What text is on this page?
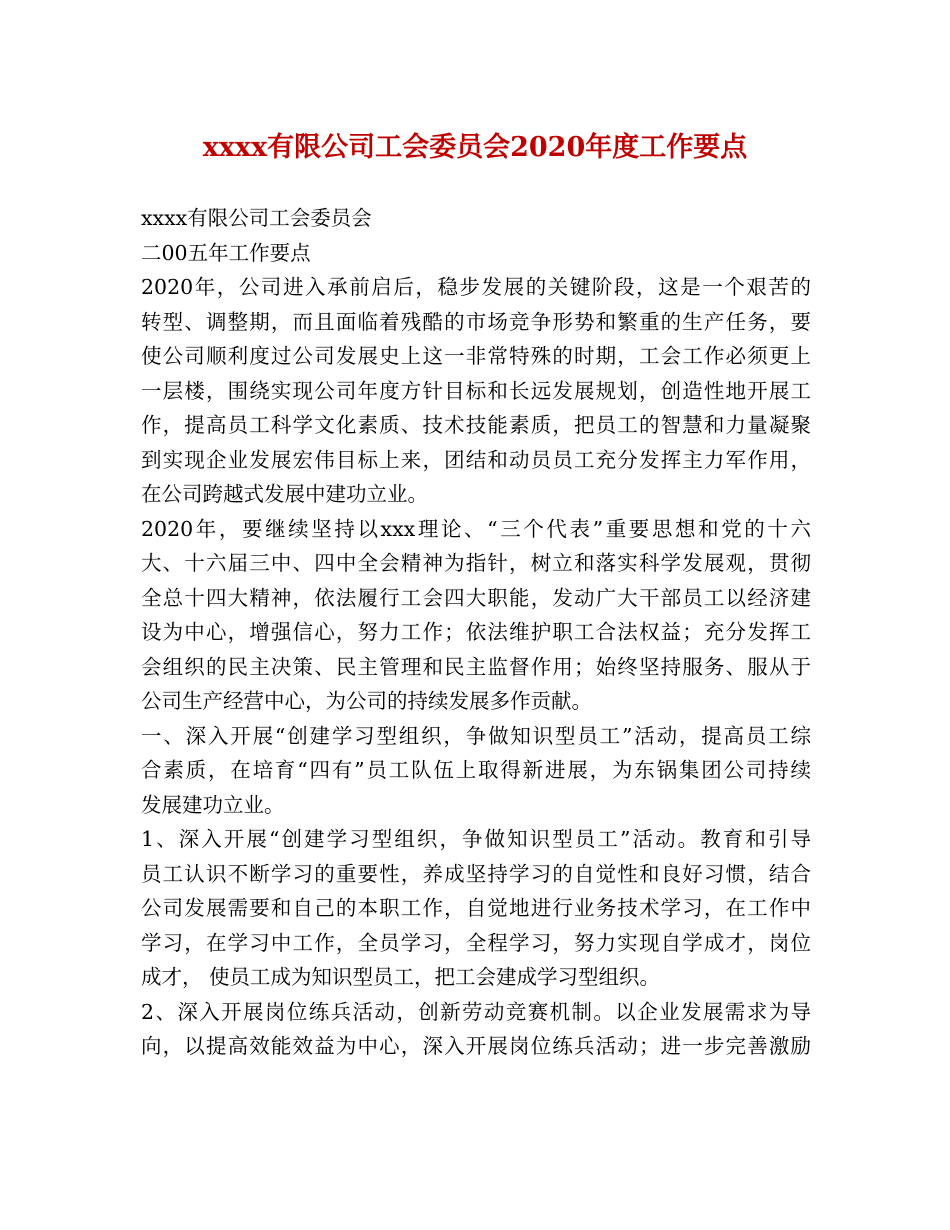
xxxx有限公司工会委员会2020年度工作要点
xxxx有限公司工会委员会
二00五年工作要点
2020年，公司进入承前启后，稳步发展的关键阶段，这是一个艰苦的
转型、调整期，而且面临着残酷的市场竞争形势和繁重的生产任务，要
使公司顺利度过公司发展史上这一非常特殊的时期，工会工作必须更上
一层楼，围绕实现公司年度方针目标和长远发展规划，创造性地开展工
作，提高员工科学文化素质、技术技能素质，把员工的智慧和力量凝聚
到实现企业发展宏伟目标上来，团结和动员员工充分发挥主力军作用，
在公司跨越式发展中建功立业。
2020年，要继续坚持以xxx理论、“三个代表”重要思想和党的十六
大、十六届三中、四中全会精神为指针，树立和落实科学发展观，贯彻
全总十四大精神，依法履行工会四大职能，发动广大干部员工以经济建
设为中心，增强信心，努力工作；依法维护职工合法权益；充分发挥工
会组织的民主决策、民主管理和民主监督作用；始终坚持服务、服从于
公司生产经营中心，为公司的持续发展多作贡献。
一、深入开展“创建学习型组织，争做知识型员工”活动，提高员工综
合素质，在培育“四有”员工队伍上取得新进展，为东锅集团公司持续
发展建功立业。
1、深入开展“创建学习型组织，争做知识型员工”活动。教育和引导
员工认识不断学习的重要性，养成坚持学习的自觉性和良好习惯，结合
公司发展需要和自己的本职工作，自觉地进行业务技术学习，在工作中
学习，在学习中工作，全员学习，全程学习，努力实现自学成才，岗位
成才， 使员工成为知识型员工，把工会建成学习型组织。
2、深入开展岗位练兵活动，创新劳动竞赛机制。以企业发展需求为导
向，以提高效能效益为中心，深入开展岗位练兵活动；进一步完善激励
